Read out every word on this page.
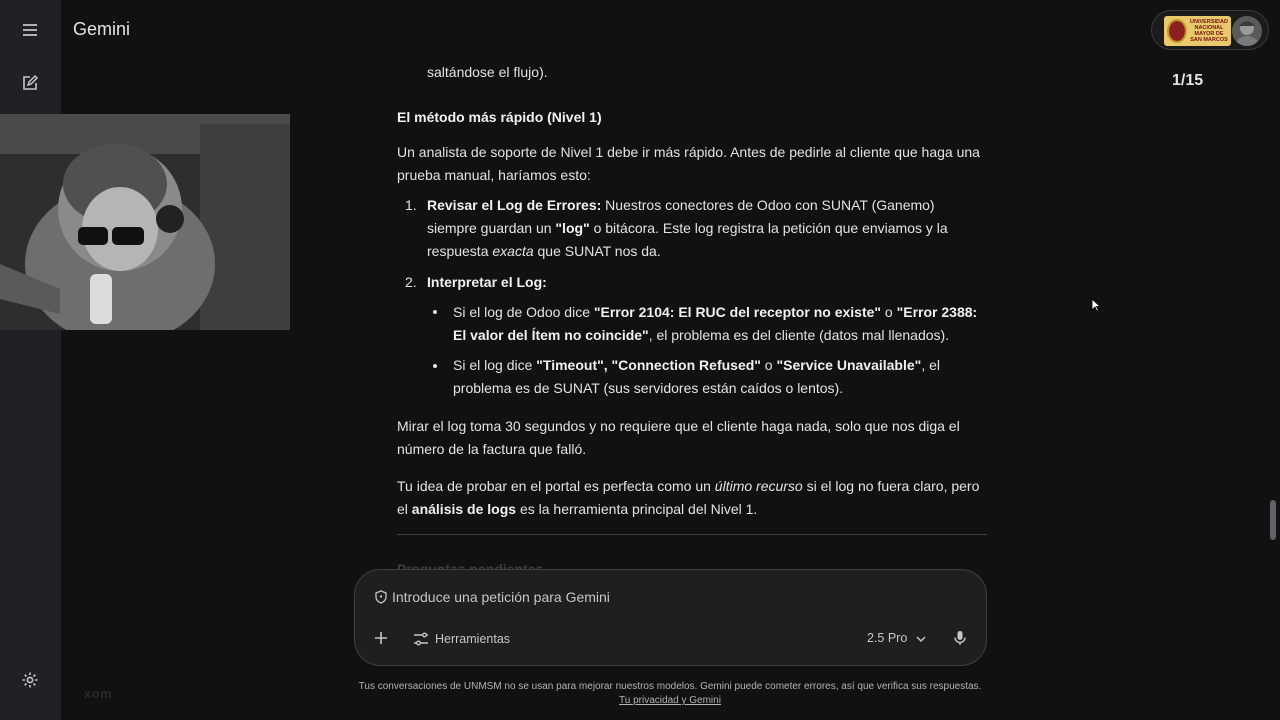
Gemini
xom
UNIVERSIDAD NACIONAL MAYOR DE SAN MARCOS
1/15
saltándose el flujo).
El método más rápido (Nivel 1)
Un analista de soporte de Nivel 1 debe ir más rápido. Antes de pedirle al cliente que haga una prueba manual, haríamos esto:
1. Revisar el Log de Errores: Nuestros conectores de Odoo con SUNAT (Ganemo) siempre guardan un "log" o bitácora. Este log registra la petición que enviamos y la respuesta exacta que SUNAT nos da.
2. Interpretar el Log:
Si el log de Odoo dice "Error 2104: El RUC del receptor no existe" o "Error 2388: El valor del Ítem no coincide", el problema es del cliente (datos mal llenados).
Si el log dice "Timeout", "Connection Refused" o "Service Unavailable", el problema es de SUNAT (sus servidores están caídos o lentos).
Mirar el log toma 30 segundos y no requiere que el cliente haga nada, solo que nos diga el número de la factura que falló.
Tu idea de probar en el portal es perfecta como un último recurso si el log no fuera claro, pero el análisis de logs es la herramienta principal del Nivel 1.
Introduce una petición para Gemini
Herramientas	2.5 Pro
Tus conversaciones de UNMSM no se usan para mejorar nuestros modelos. Gemini puede cometer errores, así que verifica sus respuestas.
Tu privacidad y Gemini
